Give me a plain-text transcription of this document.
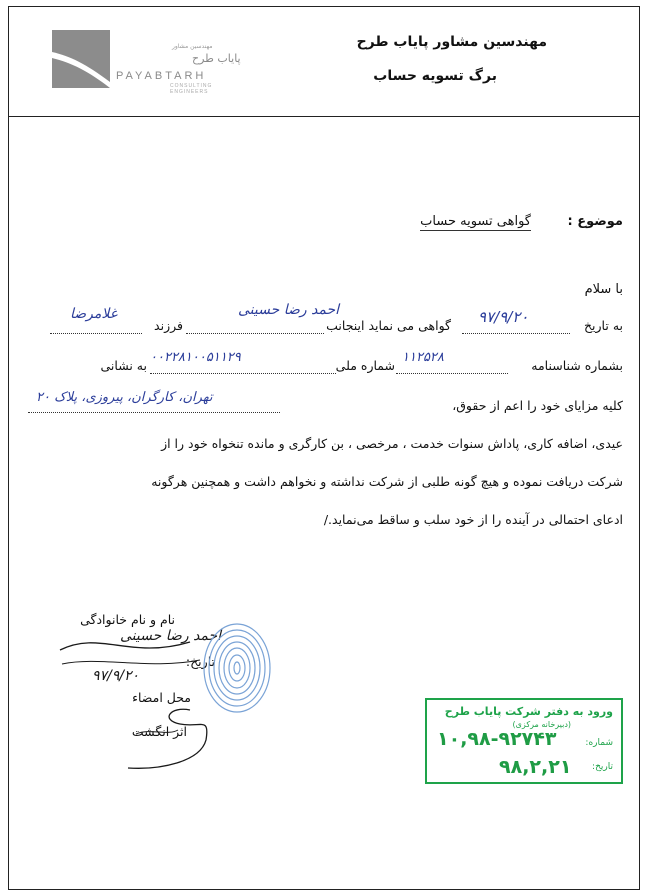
مهندسین مشاور
پایاب طرح
PAYABTARH
CONSULTING ENGINEERS
مهندسین مشاور پایاب طرح
برگ تسویه حساب
موضوع :
گواهی تسویه حساب
با سلام
به تاریخ
۹۷/۹/۲۰
گواهی می نماید اینجانب
احمد رضا حسینی
فرزند
غلامرضا
بشماره شناسنامه
۱۱۲۵۲۸
شماره ملی
۰۰۲۲۸۱۰۰۵۱۱۲۹
به نشانی
تهران، کارگران، پیروزی، پلاک ۲۰
کلیه مزایای خود را اعم از حقوق،
عیدی، اضافه کاری، پاداش سنوات خدمت ، مرخصی ، بن کارگری و مانده تنخواه خود را از
شرکت دریافت نموده و هیچ گونه طلبی از شرکت نداشته و نخواهم داشت و همچنین هرگونه
ادعای احتمالی در آینده را از خود سلب و ساقط می‌نماید./
نام و نام خانوادگی
احمد رضا حسینی
تاریخ:
۹۷/۹/۲۰
محل امضاء
اثر انگشت
ورود به دفتر شرکت پایاب طرح
(دبیرخانه مرکزی)
شماره:
۱۰,۹۸-۹۲۷۴۳
تاریخ:
۹۸,۲,۲۱
